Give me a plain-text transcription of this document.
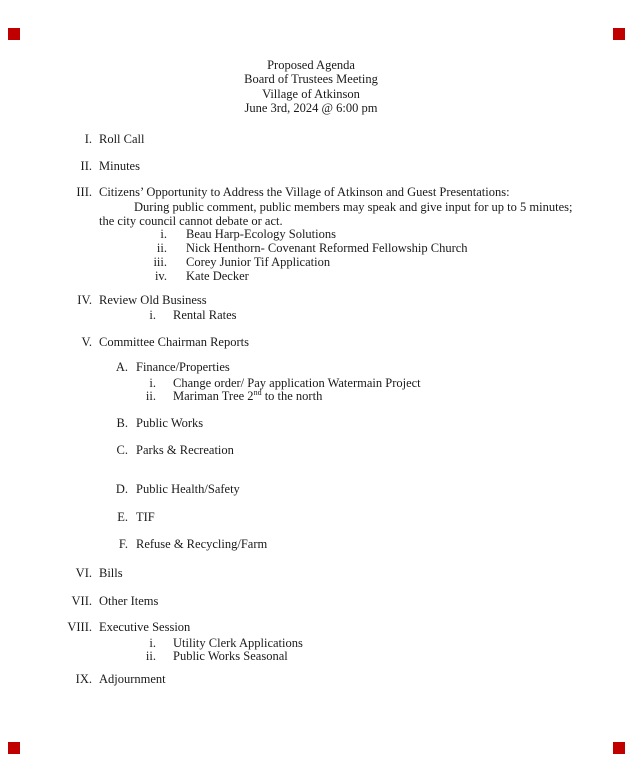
Proposed Agenda
Board of Trustees Meeting
Village of Atkinson
June 3rd, 2024 @ 6:00 pm
I. Roll Call
II. Minutes
III. Citizens’ Opportunity to Address the Village of Atkinson and Guest Presentations:
During public comment, public members may speak and give input for up to 5 minutes;
the city council cannot debate or act.
i. Beau Harp-Ecology Solutions
ii. Nick Henthorn- Covenant Reformed Fellowship Church
iii. Corey Junior Tif Application
iv. Kate Decker
IV. Review Old Business
i. Rental Rates
V. Committee Chairman Reports
A. Finance/Properties
i. Change order/ Pay application Watermain Project
ii. Mariman Tree 2nd to the north
B. Public Works
C. Parks & Recreation
D. Public Health/Safety
E. TIF
F. Refuse & Recycling/Farm
VI. Bills
VII. Other Items
VIII. Executive Session
i. Utility Clerk Applications
ii. Public Works Seasonal
IX. Adjournment
